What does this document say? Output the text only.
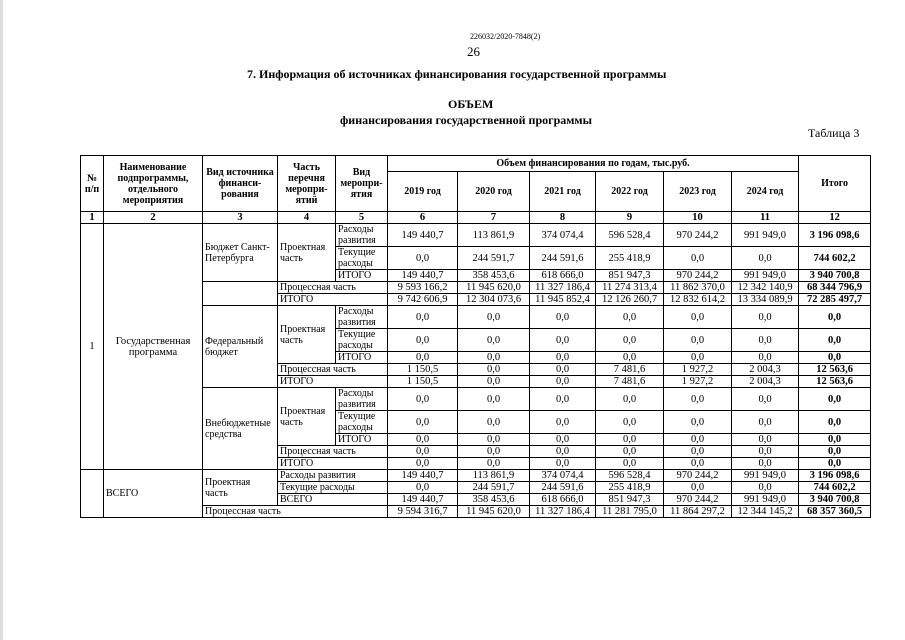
226032/2020-7848(2)
26
7. Информация об источниках финансирования государственной программы
ОБЪЕМ
финансирования государственной программы
Таблица 3
№ п/п	Наименование подпрограммы, отдельного мероприятия	Вид источника финанси-рования	Часть перечня меропри-ятий	Вид меропри-ятия	Объем финансирования по годам, тыс.руб.						Итого
					2019 год	2020 год	2021 год	2022 год	2023 год	2024 год	
1	2	3	4	5	6	7	8	9	10	11	12
1	Государственная программа	Бюджет Санкт-Петербурга	Проектная часть	Расходы развития	149 440,7	113 861,9	374 074,4	596 528,4	970 244,2	991 949,0	3 196 098,6
				Текущие расходы	0,0	244 591,7	244 591,6	255 418,9	0,0	0,0	744 602,2
				ИТОГО	149 440,7	358 453,6	618 666,0	851 947,3	970 244,2	991 949,0	3 940 700,8
			Процессная часть		9 593 166,2	11 945 620,0	11 327 186,4	11 274 313,4	11 862 370,0	12 342 140,9	68 344 796,9
			ИТОГО		9 742 606,9	12 304 073,6	11 945 852,4	12 126 260,7	12 832 614,2	13 334 089,9	72 285 497,7
		Федеральный бюджет	Проектная часть	Расходы развития	0,0	0,0	0,0	0,0	0,0	0,0	0,0
				Текущие расходы	0,0	0,0	0,0	0,0	0,0	0,0	0,0
				ИТОГО	0,0	0,0	0,0	0,0	0,0	0,0	0,0
			Процессная часть		1 150,5	0,0	0,0	7 481,6	1 927,2	2 004,3	12 563,6
			ИТОГО		1 150,5	0,0	0,0	7 481,6	1 927,2	2 004,3	12 563,6
		Внебюджетные средства	Проектная часть	Расходы развития	0,0	0,0	0,0	0,0	0,0	0,0	0,0
				Текущие расходы	0,0	0,0	0,0	0,0	0,0	0,0	0,0
				ИТОГО	0,0	0,0	0,0	0,0	0,0	0,0	0,0
			Процессная часть		0,0	0,0	0,0	0,0	0,0	0,0	0,0
			ИТОГО		0,0	0,0	0,0	0,0	0,0	0,0	0,0
	ВСЕГО	Проектная часть	Расходы развития		149 440,7	113 861,9	374 074,4	596 528,4	970 244,2	991 949,0	3 196 098,6
			Текущие расходы		0,0	244 591,7	244 591,6	255 418,9	0,0	0,0	744 602,2
			ВСЕГО		149 440,7	358 453,6	618 666,0	851 947,3	970 244,2	991 949,0	3 940 700,8
		Процессная часть			9 594 316,7	11 945 620,0	11 327 186,4	11 281 795,0	11 864 297,2	12 344 145,2	68 357 360,5
